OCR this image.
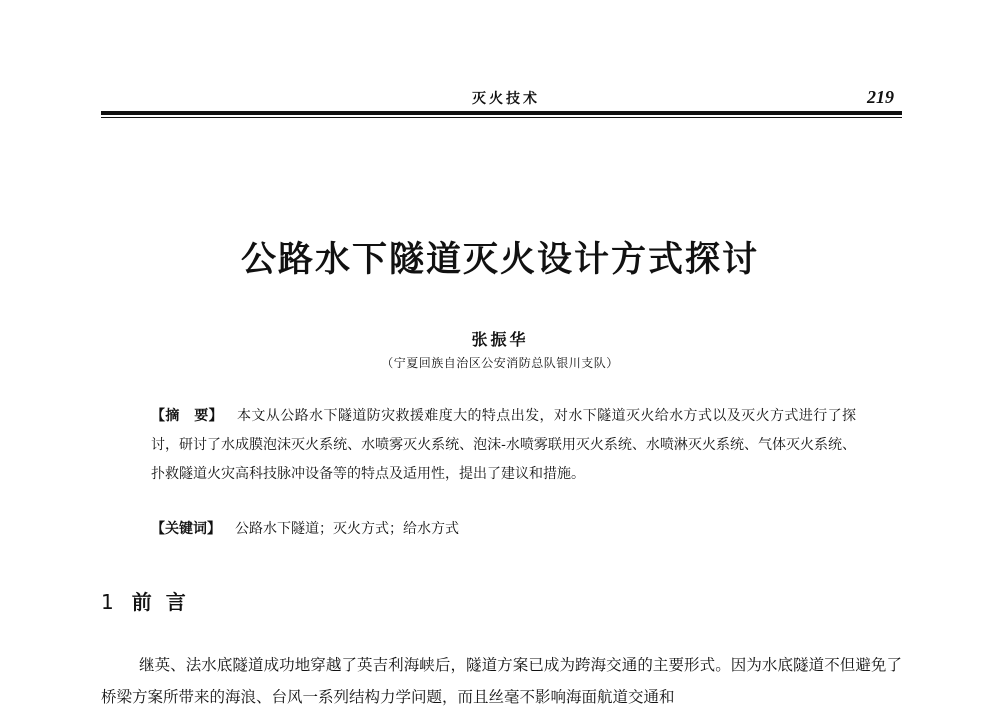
灭火技术	219
公路水下隧道灭火设计方式探讨
张振华
（宁夏回族自治区公安消防总队银川支队）

【摘　要】 本文从公路水下隧道防灾救援难度大的特点出发，对水下隧道灭火给水方式以及灭火方式进行了探讨，研讨了水成膜泡沫灭火系统、水喷雾灭火系统、泡沫-水喷雾联用灭火系统、水喷淋灭火系统、气体灭火系统、扑救隧道火灾高科技脉冲设备等的特点及适用性，提出了建议和措施。

【关键词】 公路水下隧道；灭火方式；给水方式
1 前言

继英、法水底隧道成功地穿越了英吉利海峡后，隧道方案已成为跨海交通的主要形式。因为水底隧道不但避免了桥梁方案所带来的海浪、台风一系列结构力学问题，而且丝毫不影响海面航道交通和
